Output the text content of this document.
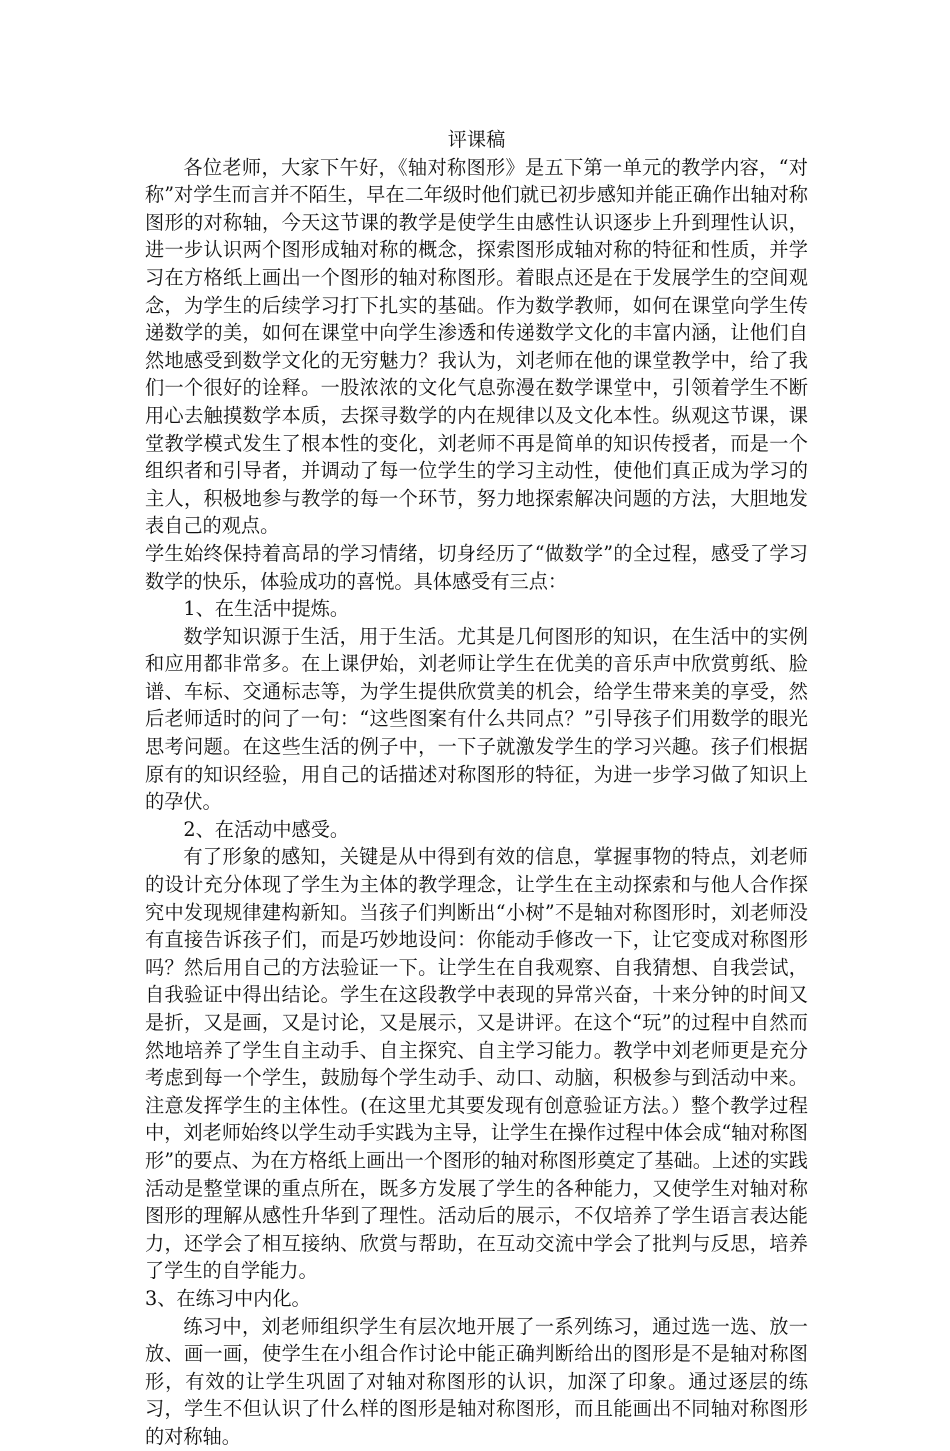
评课稿

各位老师，大家下午好，《轴对称图形》是五下第一单元的教学内容，“对称”对学生而言并不陌生，早在二年级时他们就已初步感知并能正确作出轴对称图形的对称轴，今天这节课的教学是使学生由感性认识逐步上升到理性认识，进一步认识两个图形成轴对称的概念，探索图形成轴对称的特征和性质，并学习在方格纸上画出一个图形的轴对称图形。着眼点还是在于发展学生的空间观念，为学生的后续学习打下扎实的基础。作为数学教师，如何在课堂向学生传递数学的美，如何在课堂中向学生渗透和传递数学文化的丰富内涵，让他们自然地感受到数学文化的无穷魅力？我认为，刘老师在他的课堂教学中，给了我们一个很好的诠释。一股浓浓的文化气息弥漫在数学课堂中，引领着学生不断用心去触摸数学本质，去探寻数学的内在规律以及文化本性。纵观这节课，课堂教学模式发生了根本性的变化，刘老师不再是简单的知识传授者，而是一个组织者和引导者，并调动了每一位学生的学习主动性，使他们真正成为学习的主人，积极地参与教学的每一个环节，努力地探索解决问题的方法，大胆地发表自己的观点。

学生始终保持着高昂的学习情绪，切身经历了“做数学”的全过程，感受了学习数学的快乐，体验成功的喜悦。具体感受有三点：

1、在生活中提炼。

数学知识源于生活，用于生活。尤其是几何图形的知识，在生活中的实例和应用都非常多。在上课伊始，刘老师让学生在优美的音乐声中欣赏剪纸、脸谱、车标、交通标志等，为学生提供欣赏美的机会，给学生带来美的享受，然后老师适时的问了一句：“这些图案有什么共同点？”引导孩子们用数学的眼光思考问题。在这些生活的例子中，一下子就激发学生的学习兴趣。孩子们根据原有的知识经验，用自己的话描述对称图形的特征，为进一步学习做了知识上的孕伏。

2、在活动中感受。

有了形象的感知，关键是从中得到有效的信息，掌握事物的特点，刘老师的设计充分体现了学生为主体的教学理念，让学生在主动探索和与他人合作探究中发现规律建构新知。当孩子们判断出“小树”不是轴对称图形时，刘老师没有直接告诉孩子们，而是巧妙地设问：你能动手修改一下，让它变成对称图形吗？然后用自己的方法验证一下。让学生在自我观察、自我猜想、自我尝试，自我验证中得出结论。学生在这段教学中表现的异常兴奋，十来分钟的时间又是折，又是画，又是讨论，又是展示，又是讲评。在这个“玩”的过程中自然而然地培养了学生自主动手、自主探究、自主学习能力。教学中刘老师更是充分考虑到每一个学生，鼓励每个学生动手、动口、动脑，积极参与到活动中来。注意发挥学生的主体性。(在这里尤其要发现有创意验证方法。）整个教学过程中，刘老师始终以学生动手实践为主导，让学生在操作过程中体会成“轴对称图形”的要点、为在方格纸上画出一个图形的轴对称图形奠定了基础。上述的实践活动是整堂课的重点所在，既多方发展了学生的各种能力，又使学生对轴对称图形的理解从感性升华到了理性。活动后的展示，不仅培养了学生语言表达能力，还学会了相互接纳、欣赏与帮助，在互动交流中学会了批判与反思，培养了学生的自学能力。

3、在练习中内化。

练习中，刘老师组织学生有层次地开展了一系列练习，通过选一选、放一放、画一画，使学生在小组合作讨论中能正确判断给出的图形是不是轴对称图形，有效的让学生巩固了对轴对称图形的认识，加深了印象。通过逐层的练习，学生不但认识了什么样的图形是轴对称图形，而且能画出不同轴对称图形的对称轴。
